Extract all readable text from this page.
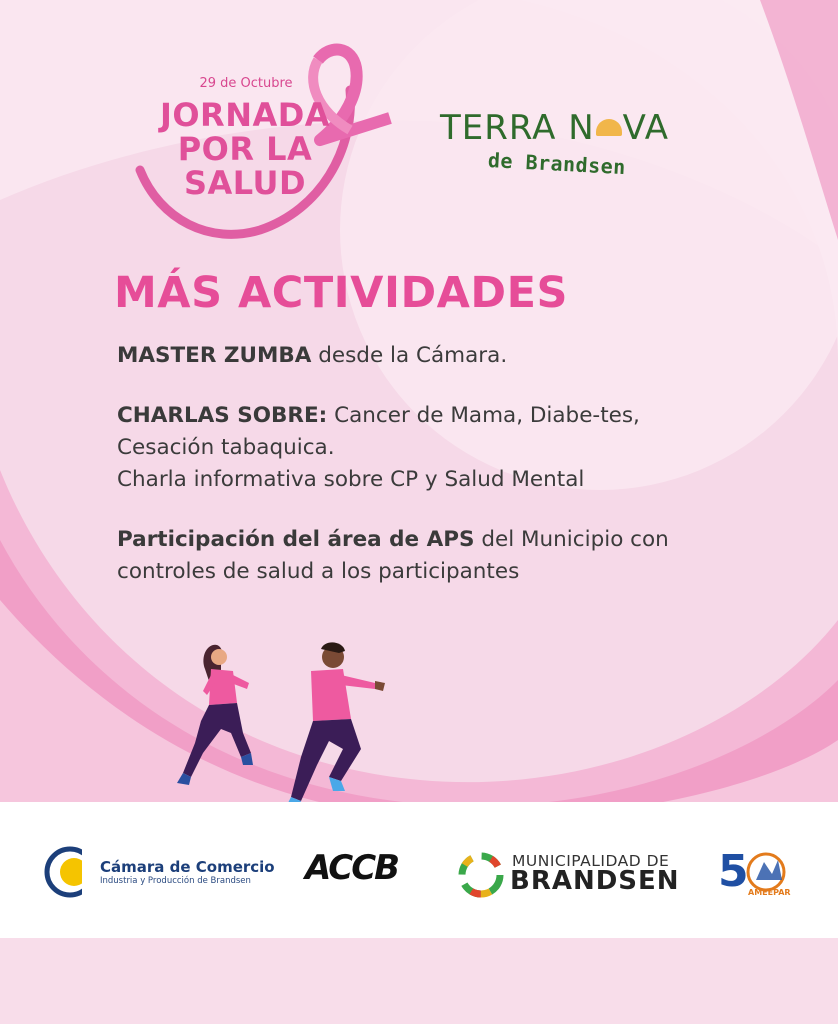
29 de Octubre
JORNADA
POR LA
SALUD
TERRA N VA
de Brandsen
MÁS ACTIVIDADES

MASTER ZUMBA desde la Cámara.

CHARLAS SOBRE: Cancer de Mama, Diabe-tes, Cesación tabaquica.
Charla informativa sobre CP y Salud Mental

Participación del área de APS del Municipio con controles de salud a los participantes

Cámara de Comercio
Industria y Producción de Brandsen ACCB	MUNICIPALIDAD DE
BRANDSEN 5 AMEEPAR
